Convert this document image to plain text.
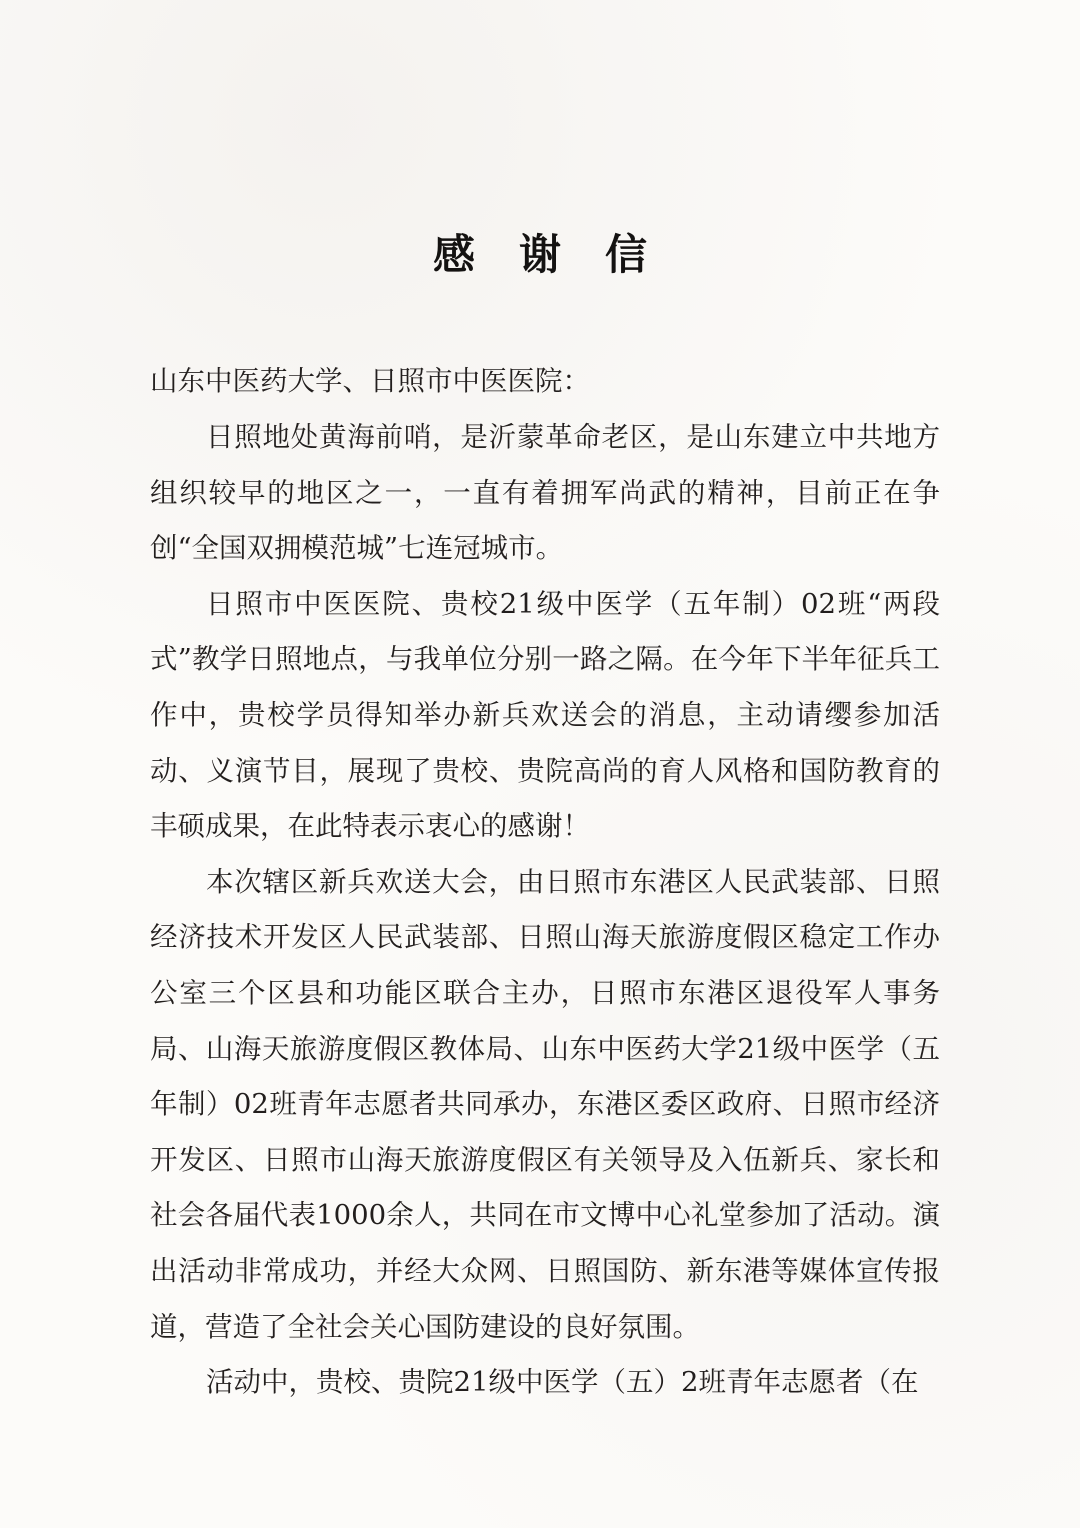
感谢信
山东中医药大学、日照市中医医院：

日照地处黄海前哨，是沂蒙革命老区，是山东建立中共地方组织较早的地区之一，一直有着拥军尚武的精神，目前正在争创“全国双拥模范城”七连冠城市。

日照市中医医院、贵校21级中医学（五年制）02班“两段式”教学日照地点，与我单位分别一路之隔。在今年下半年征兵工作中，贵校学员得知举办新兵欢送会的消息，主动请缨参加活动、义演节目，展现了贵校、贵院高尚的育人风格和国防教育的丰硕成果，在此特表示衷心的感谢！

本次辖区新兵欢送大会，由日照市东港区人民武装部、日照经济技术开发区人民武装部、日照山海天旅游度假区稳定工作办公室三个区县和功能区联合主办，日照市东港区退役军人事务局、山海天旅游度假区教体局、山东中医药大学21级中医学（五年制）02班青年志愿者共同承办，东港区委区政府、日照市经济开发区、日照市山海天旅游度假区有关领导及入伍新兵、家长和社会各届代表1000余人，共同在市文博中心礼堂参加了活动。演出活动非常成功，并经大众网、日照国防、新东港等媒体宣传报道，营造了全社会关心国防建设的良好氛围。

活动中，贵校、贵院21级中医学（五）2班青年志愿者（在
